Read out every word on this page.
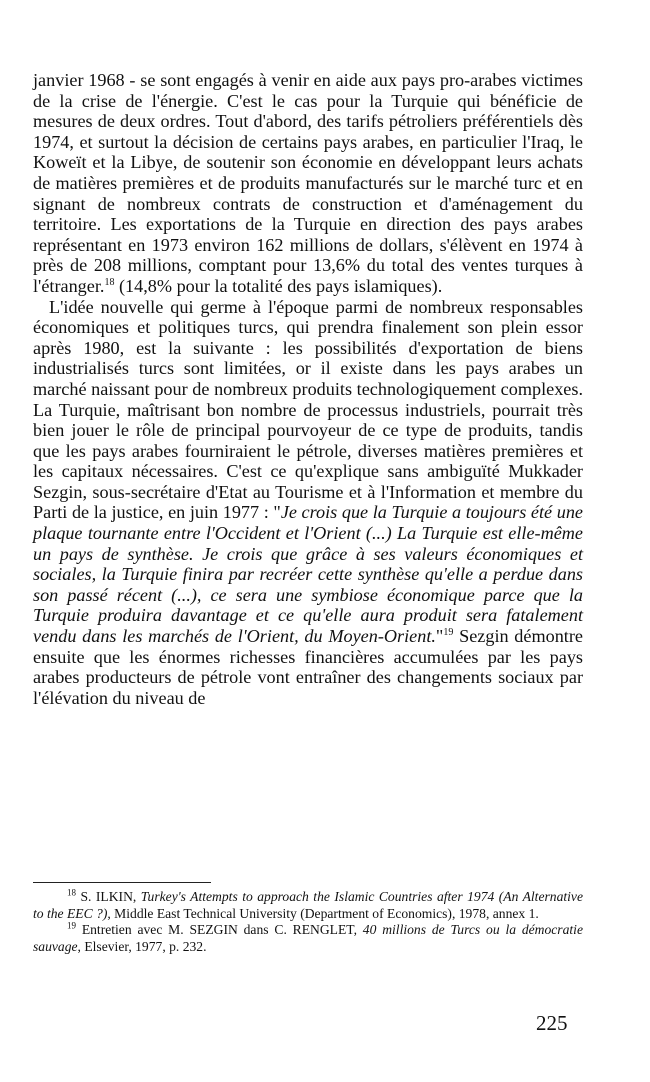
janvier 1968 - se sont engagés à venir en aide aux pays pro-arabes victimes de la crise de l'énergie. C'est le cas pour la Turquie qui bénéficie de mesures de deux ordres. Tout d'abord, des tarifs pétroliers préférentiels dès 1974, et surtout la décision de certains pays arabes, en particulier l'Iraq, le Koweït et la Libye, de soutenir son économie en développant leurs achats de matières premières et de produits manufacturés sur le marché turc et en signant de nombreux contrats de construction et d'aménagement du territoire. Les exportations de la Turquie en direction des pays arabes représentant en 1973 environ 162 millions de dollars, s'élèvent en 1974 à près de 208 millions, comptant pour 13,6% du total des ventes turques à l'étranger.$^{18}$ (14,8% pour la totalité des pays islamiques).

L'idée nouvelle qui germe à l'époque parmi de nombreux responsables économiques et politiques turcs, qui prendra finalement son plein essor après 1980, est la suivante : les possibilités d'exportation de biens industrialisés turcs sont limitées, or il existe dans les pays arabes un marché naissant pour de nombreux produits technologiquement complexes. La Turquie, maîtrisant bon nombre de processus industriels, pourrait très bien jouer le rôle de principal pourvoyeur de ce type de produits, tandis que les pays arabes fourniraient le pétrole, diverses matières premières et les capitaux nécessaires. C'est ce qu'explique sans ambiguïté Mukkader Sezgin, sous-secrétaire d'Etat au Tourisme et à l'Information et membre du Parti de la justice, en juin 1977 : "Je crois que la Turquie a toujours été une plaque tournante entre l'Occident et l'Orient (...) La Turquie est elle-même un pays de synthèse. Je crois que grâce à ses valeurs économiques et sociales, la Turquie finira par recréer cette synthèse qu'elle a perdue dans son passé récent (...), ce sera une symbiose économique parce que la Turquie produira davantage et ce qu'elle aura produit sera fatalement vendu dans les marchés de l'Orient, du Moyen-Orient."$^{19}$ Sezgin démontre ensuite que les énormes richesses financières accumulées par les pays arabes producteurs de pétrole vont entraîner des changements sociaux par l'élévation du niveau de

$^{18}$ S. ILKIN, Turkey's Attempts to approach the Islamic Countries after 1974 (An Alternative to the EEC ?), Middle East Technical University (Department of Economics), 1978, annex 1.

$^{19}$ Entretien avec M. SEZGIN dans C. RENGLET, 40 millions de Turcs ou la démocratie sauvage, Elsevier, 1977, p. 232.

225
